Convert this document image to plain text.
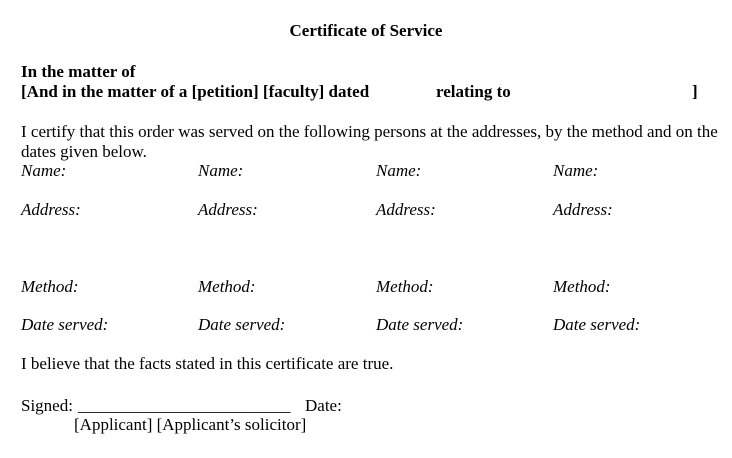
Certificate of Service
In the matter of
[And in the matter of a [petition] [faculty] dated	relating to	]
I certify that this order was served on the following persons at the addresses, by the method and on the dates given below.
Name:	Name:	Name:	Name:
Address:	Address:	Address:	Address:
Method:	Method:	Method:	Method:
Date served:	Date served:	Date served:	Date served:
I believe that the facts stated in this certificate are true.
Signed: _________________________ Date:
[Applicant] [Applicant’s solicitor]
